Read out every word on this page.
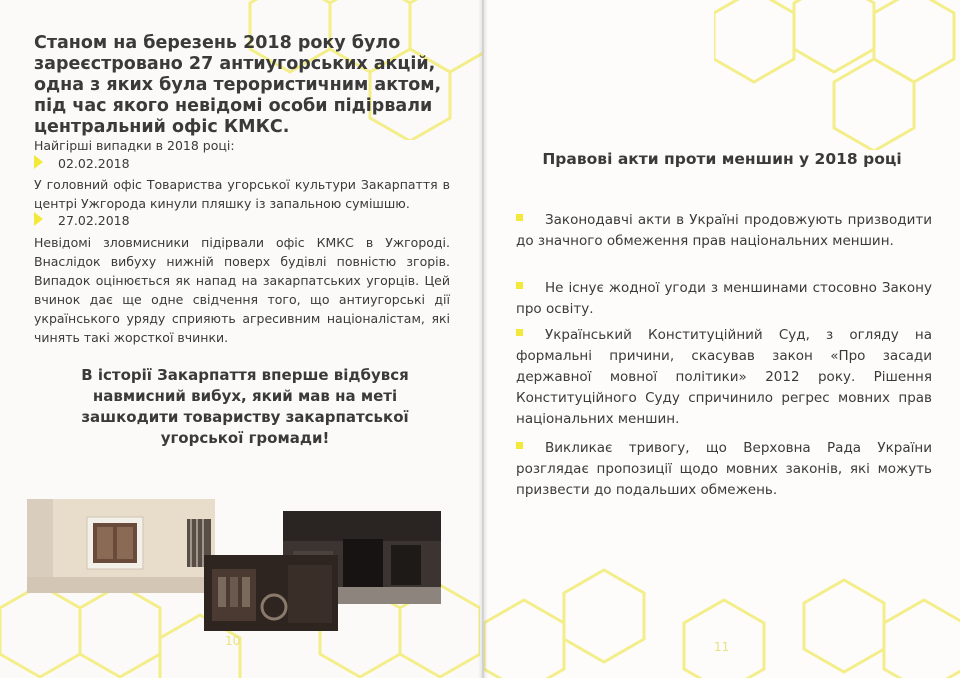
Станом на березень 2018 року було зареєстровано 27 антиугорських акцій, одна з яких була терористичним актом, під час якого невідомі особи підірвали центральний офіс КМКС.
Найгірші випадки в 2018 році:
02.02.2018
У головний офіс Товариства угорської культури Закарпаття в центрі Ужгорода кинули пляшку із запальною сумішшю.
27.02.2018
Невідомі зловмисники підірвали офіс КМКС в Ужгороді. Внаслідок вибуху нижній поверх будівлі повністю згорів. Випадок оцінюється як напад на закарпатських угорців. Цей вчинок дає ще одне свідчення того, що антиугорські дії українського уряду сприяють агресивним націоналістам, які чинять такі жорсткої вчинки.
В історії Закарпаття вперше відбувся навмисний вибух, який мав на меті зашкодити товариству закарпатської угорської громади!
10
Правові акти проти меншин у 2018 році
Законодавчі акти в Україні продовжують призводити до значного обмеження прав національних меншин.
Не існує жодної угоди з меншинами стосовно Закону про освіту.
Український Конституційний Суд, з огляду на формальні причини, скасував закон «Про засади державної мовної політики» 2012 року. Рішення Конституційного Суду спричинило регрес мовних прав національних меншин.
Викликає тривогу, що Верховна Рада України розглядає пропозиції щодо мовних законів, які можуть призвести до подальших обмежень.
11
